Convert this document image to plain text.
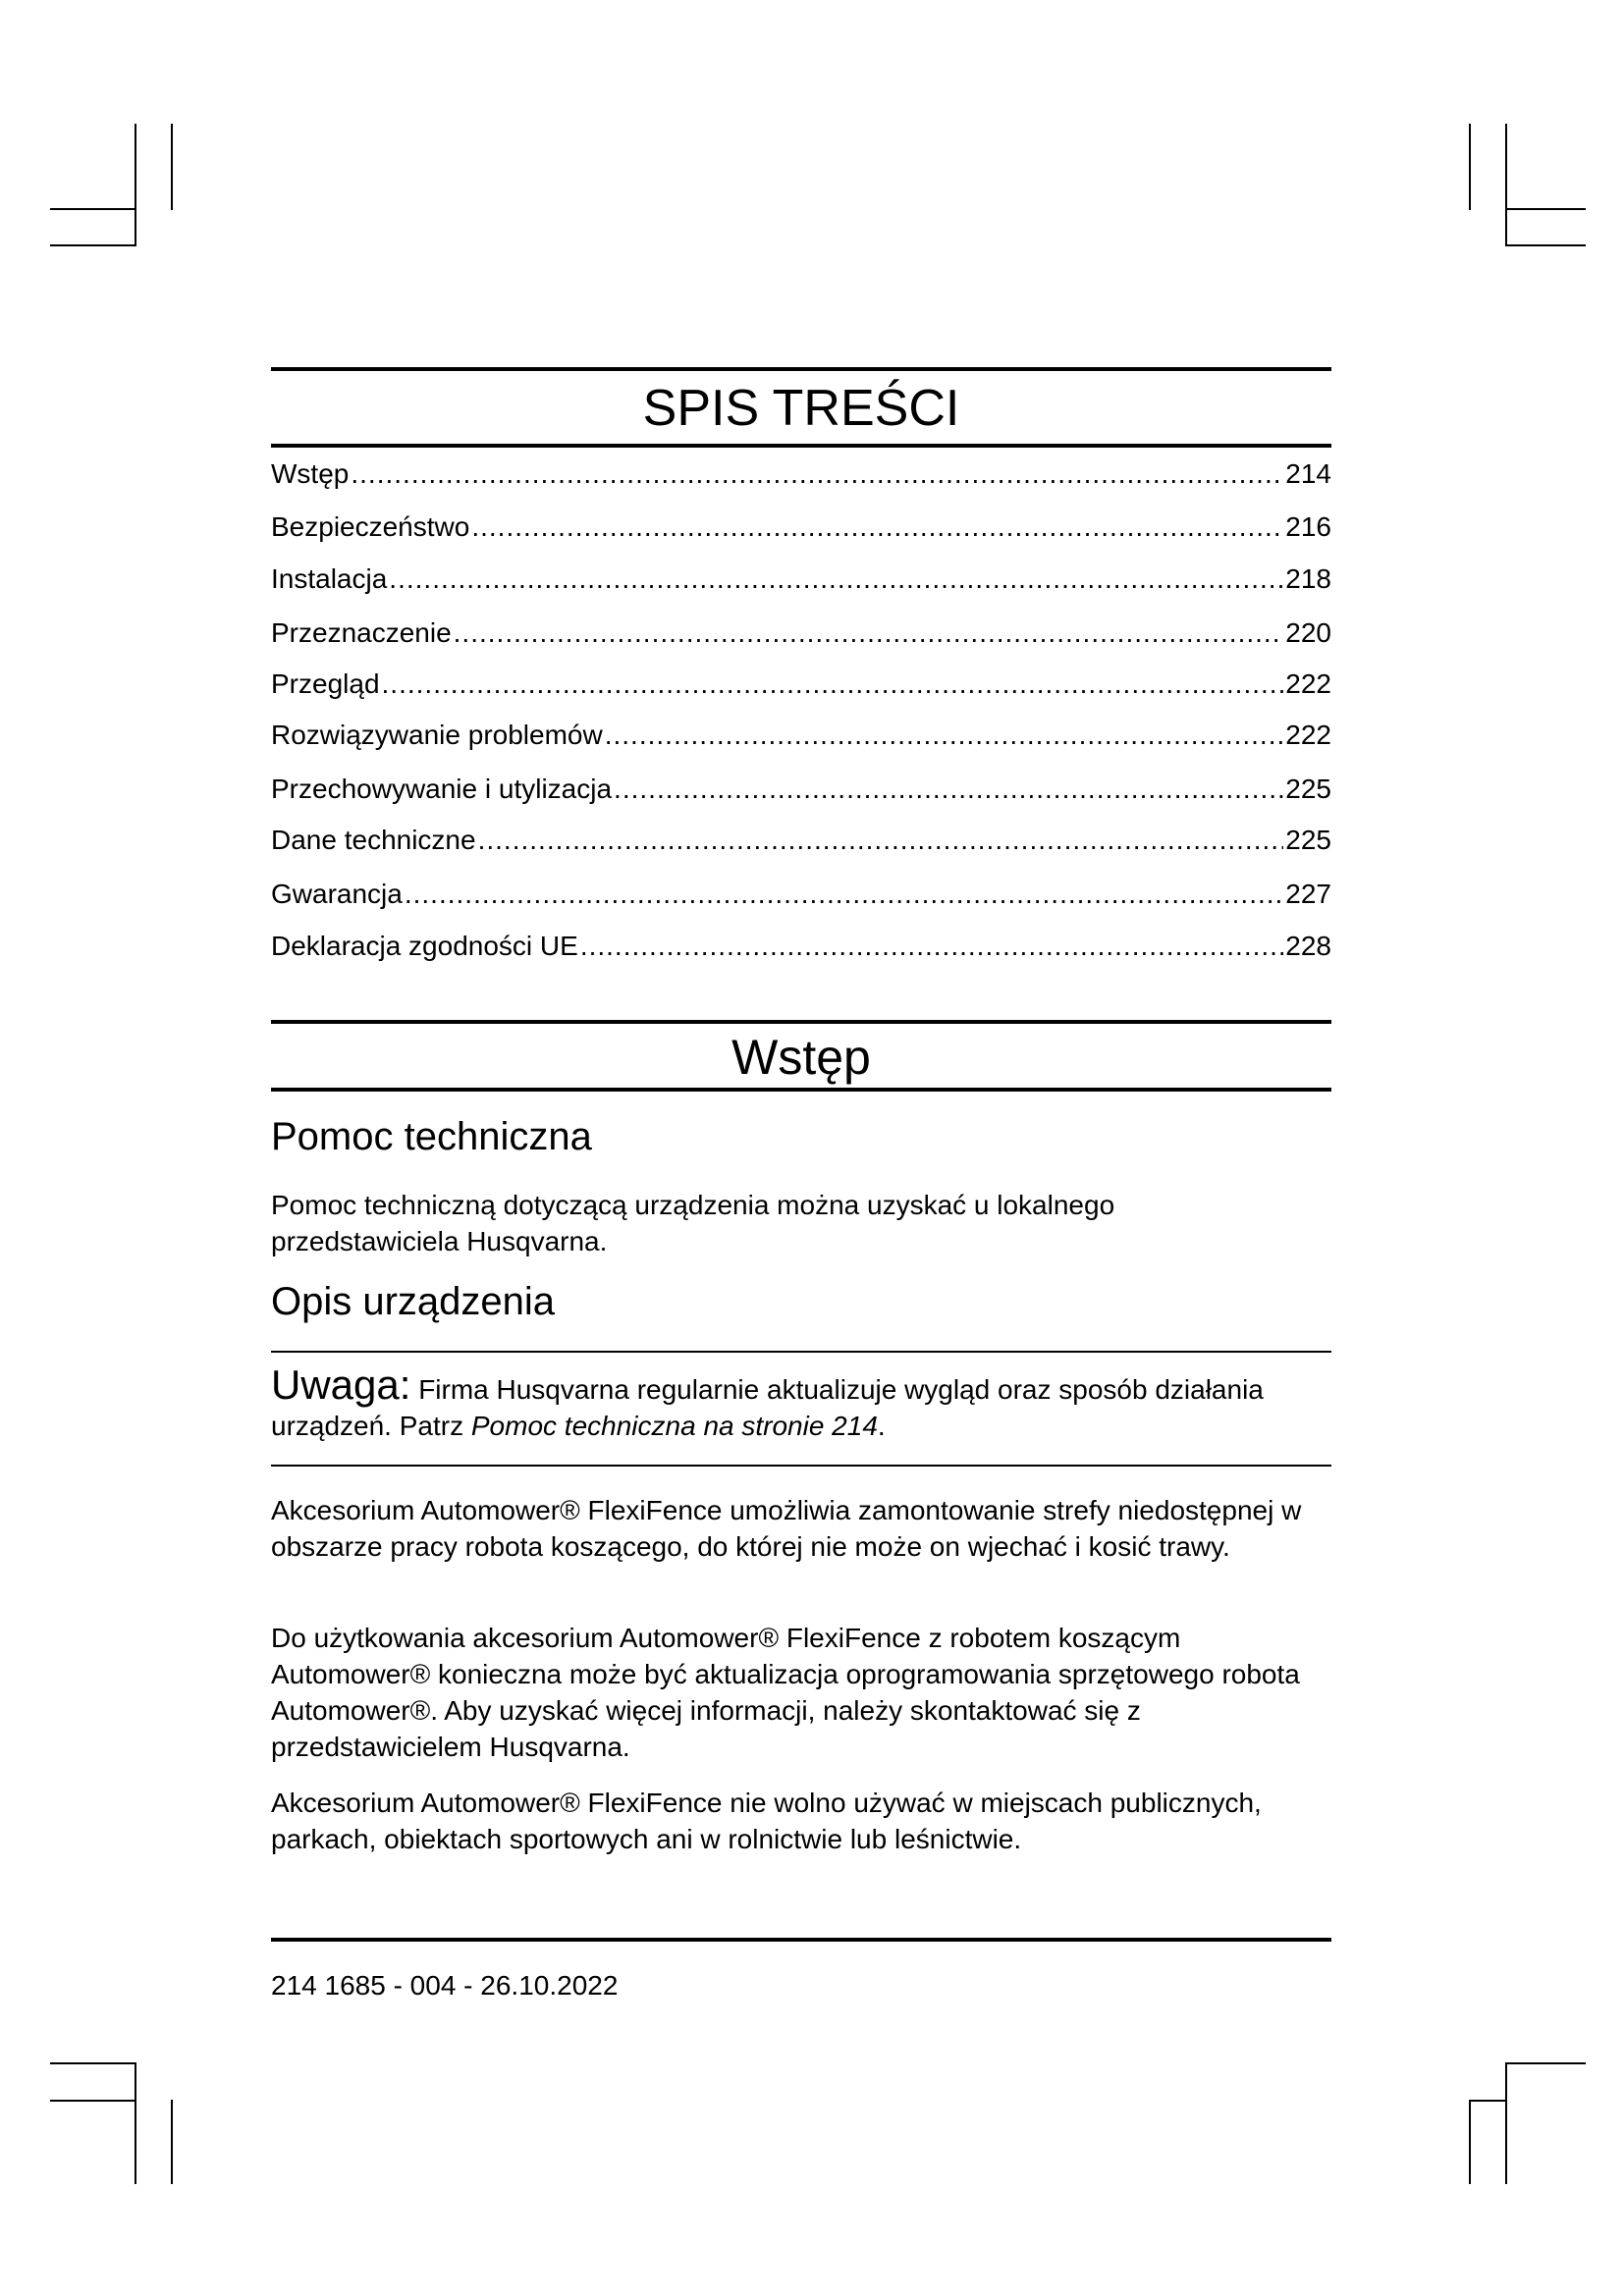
SPIS TREŚCI
Wstęp .....	214
Bezpieczeństwo .....	216
Instalacja .....	218
Przeznaczenie .....	220
Przegląd .....	222
Rozwiązywanie problemów .....	222
Przechowywanie i utylizacja .....	225
Dane techniczne .....	225
Gwarancja .....	227
Deklaracja zgodności UE .....	228
Wstęp
Pomoc techniczna
Pomoc techniczną dotyczącą urządzenia można uzyskać u lokalnego przedstawiciela Husqvarna.
Opis urządzenia
Uwaga: Firma Husqvarna regularnie aktualizuje wygląd oraz sposób działania urządzeń. Patrz Pomoc techniczna na stronie 214.
Akcesorium Automower® FlexiFence umożliwia zamontowanie strefy niedostępnej w obszarze pracy robota koszącego, do której nie może on wjechać i kosić trawy.
Do użytkowania akcesorium Automower® FlexiFence z robotem koszącym Automower® konieczna może być aktualizacja oprogramowania sprzętowego robota Automower®. Aby uzyskać więcej informacji, należy skontaktować się z przedstawicielem Husqvarna.
Akcesorium Automower® FlexiFence nie wolno używać w miejscach publicznych, parkach, obiektach sportowych ani w rolnictwie lub leśnictwie.
214 1685 - 004 - 26.10.2022
